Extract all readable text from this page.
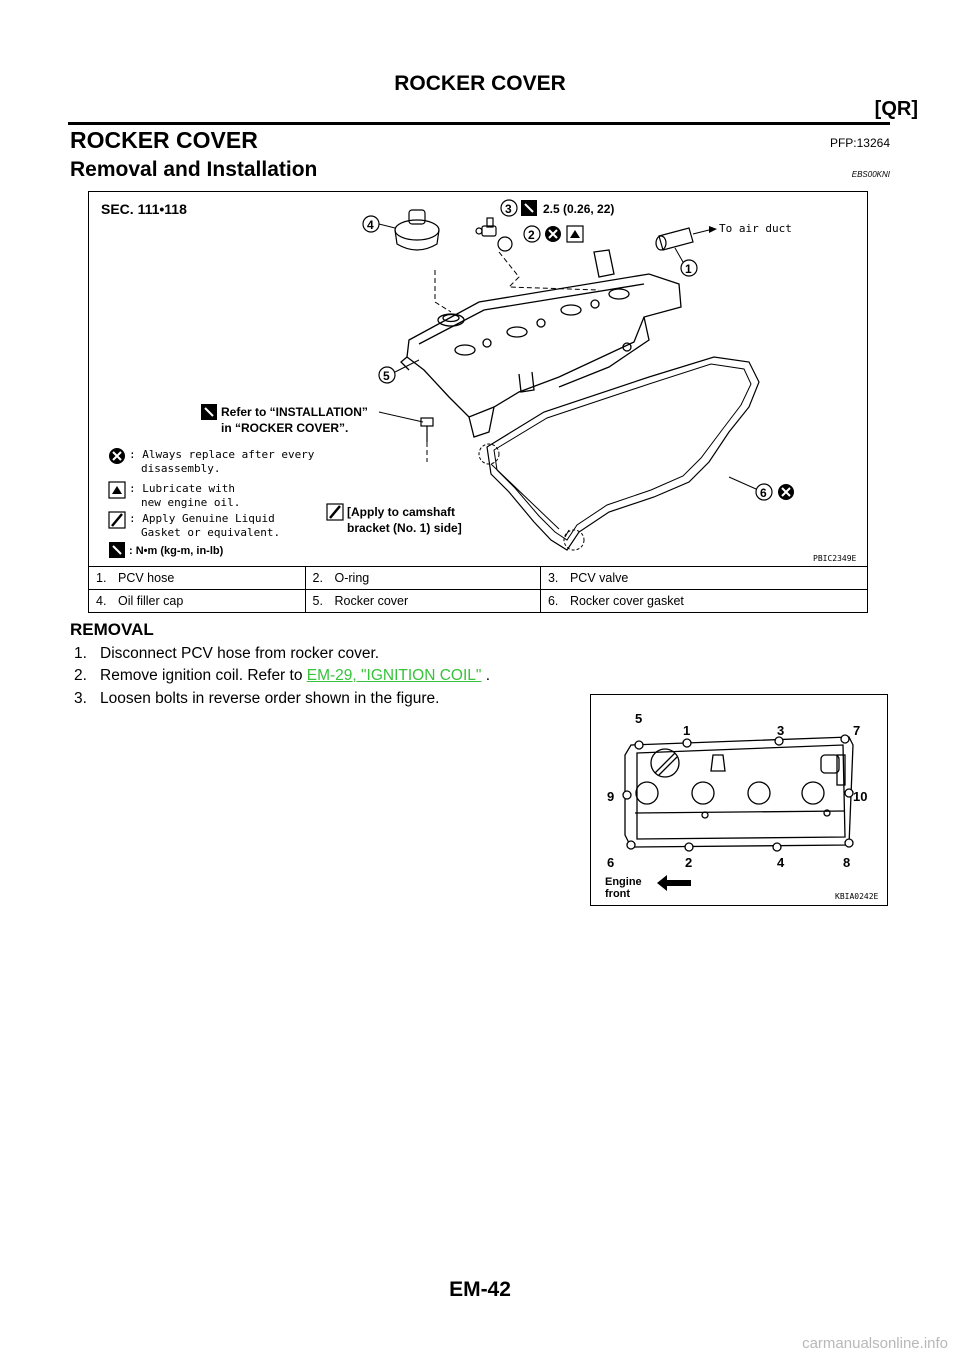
ROCKER COVER
[QR]
ROCKER COVER	PFP:13264
Removal and Installation	EBS00KNI
SEC. 111•118
To air duct
3	2.5 (0.26, 22)
2
4
1
5
6
Refer to “INSTALLATION”
in “ROCKER COVER”.
[Apply to camshaft
bracket (No. 1) side]
: Always replace after every
disassembly.
: Lubricate with
new engine oil.
: Apply Genuine Liquid
Gasket or equivalent.
: N•m (kg-m, in-lb)
PBIC2349E
1. PCV hose	2. O-ring	3. PCV valve
4. Oil filler cap	5. Rocker cover	6. Rocker cover gasket
REMOVAL
1. Disconnect PCV hose from rocker cover.
2. Remove ignition coil. Refer to EM-29, "IGNITION COIL" .
3. Loosen bolts in reverse order shown in the figure.
1
2
3
4
5
6
7
8
9	10
Engine
front	KBIA0242E
EM-42
carmanualsonline.info
